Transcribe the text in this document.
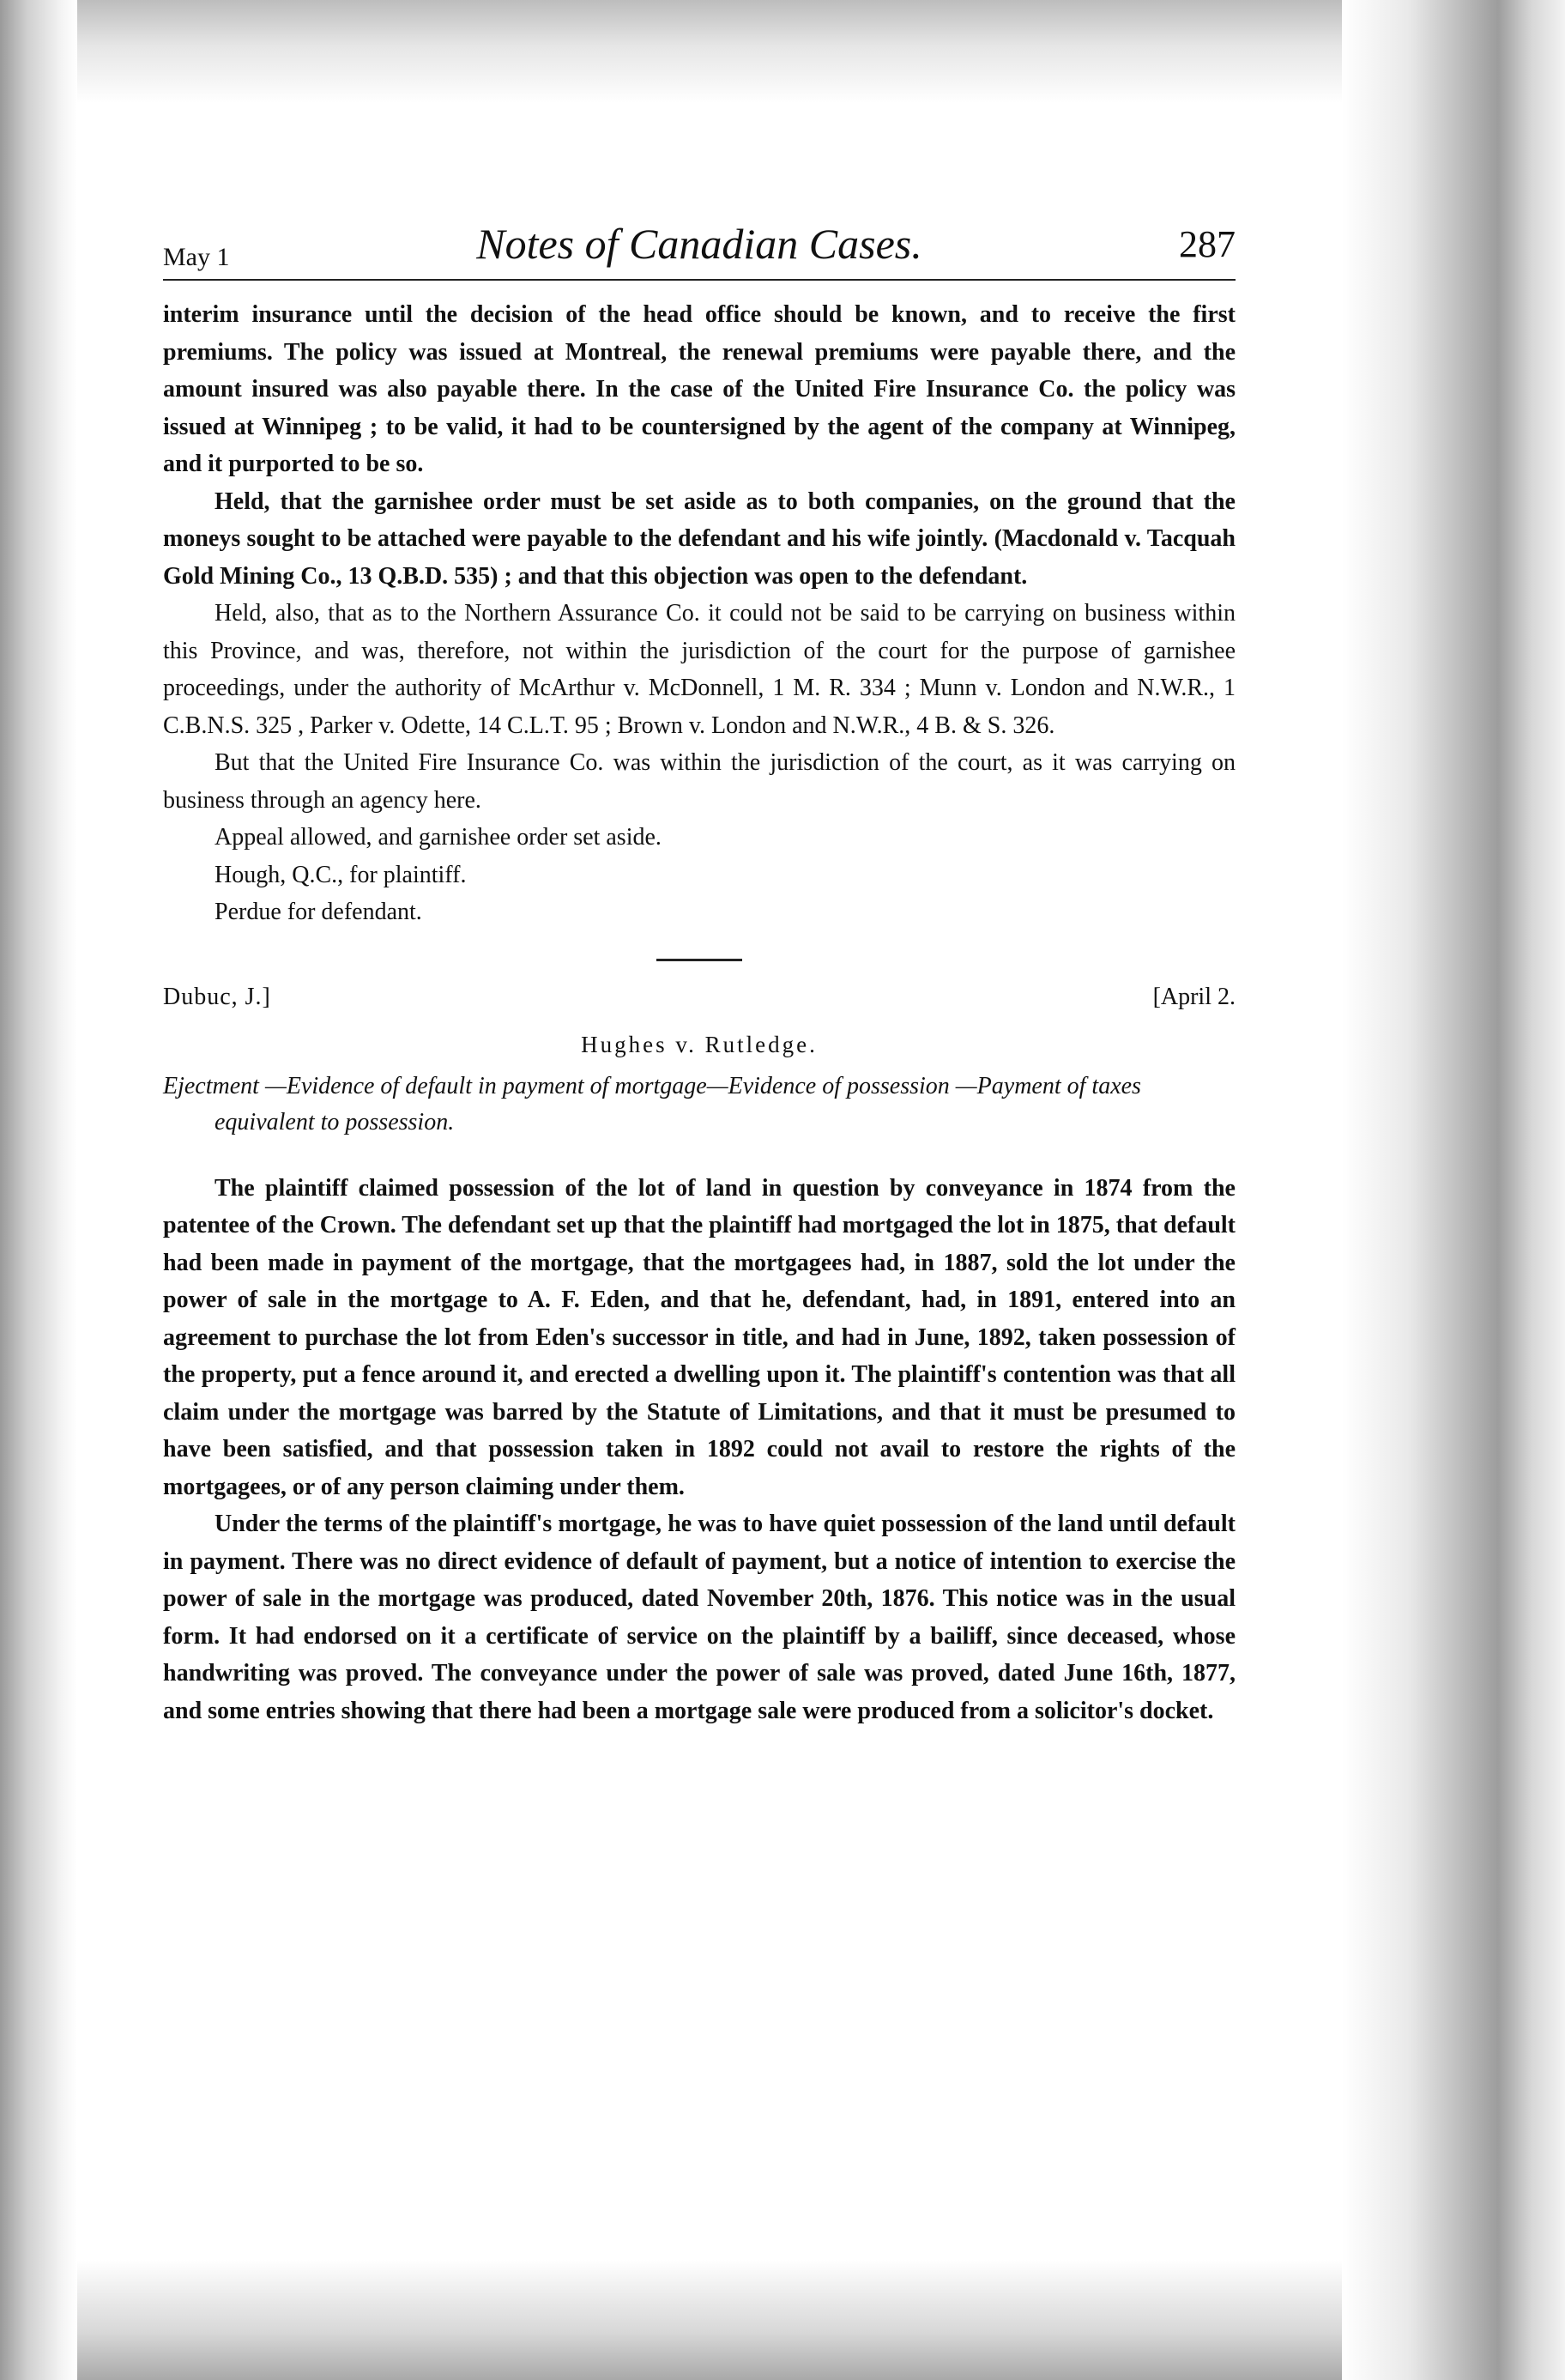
May 1	Notes of Canadian Cases.	287

interim insurance until the decision of the head office should be known, and to receive the first premiums. The policy was issued at Montreal, the renewal premiums were payable there, and the amount insured was also payable there. In the case of the United Fire Insurance Co. the policy was issued at Winnipeg ; to be valid, it had to be countersigned by the agent of the company at Winnipeg, and it purported to be so.

Held, that the garnishee order must be set aside as to both companies, on the ground that the moneys sought to be attached were payable to the defendant and his wife jointly. (Macdonald v. Tacquah Gold Mining Co., 13 Q.B.D. 535) ; and that this objection was open to the defendant.

Held, also, that as to the Northern Assurance Co. it could not be said to be carrying on business within this Province, and was, therefore, not within the jurisdiction of the court for the purpose of garnishee proceedings, under the authority of McArthur v. McDonnell, 1 M. R. 334 ; Munn v. London and N.W.R., 1 C.B.N.S. 325 , Parker v. Odette, 14 C.L.T. 95 ; Brown v. London and N.W.R., 4 B. & S. 326.

But that the United Fire Insurance Co. was within the jurisdiction of the court, as it was carrying on business through an agency here.

Appeal allowed, and garnishee order set aside.

Hough, Q.C., for plaintiff.

Perdue for defendant.

Dubuc, J.]	[April 2.
Hughes v. Rutledge.
Ejectment —Evidence of default in payment of mortgage—Evidence of possession —Payment of taxes equivalent to possession.

The plaintiff claimed possession of the lot of land in question by conveyance in 1874 from the patentee of the Crown. The defendant set up that the plaintiff had mortgaged the lot in 1875, that default had been made in payment of the mortgage, that the mortgagees had, in 1887, sold the lot under the power of sale in the mortgage to A. F. Eden, and that he, defendant, had, in 1891, entered into an agreement to purchase the lot from Eden's successor in title, and had in June, 1892, taken possession of the property, put a fence around it, and erected a dwelling upon it. The plaintiff's contention was that all claim under the mortgage was barred by the Statute of Limitations, and that it must be presumed to have been satisfied, and that possession taken in 1892 could not avail to restore the rights of the mortgagees, or of any person claiming under them.

Under the terms of the plaintiff's mortgage, he was to have quiet possession of the land until default in payment. There was no direct evidence of default of payment, but a notice of intention to exercise the power of sale in the mortgage was produced, dated November 20th, 1876. This notice was in the usual form. It had endorsed on it a certificate of service on the plaintiff by a bailiff, since deceased, whose handwriting was proved. The conveyance under the power of sale was proved, dated June 16th, 1877, and some entries showing that there had been a mortgage sale were produced from a solicitor's docket.
